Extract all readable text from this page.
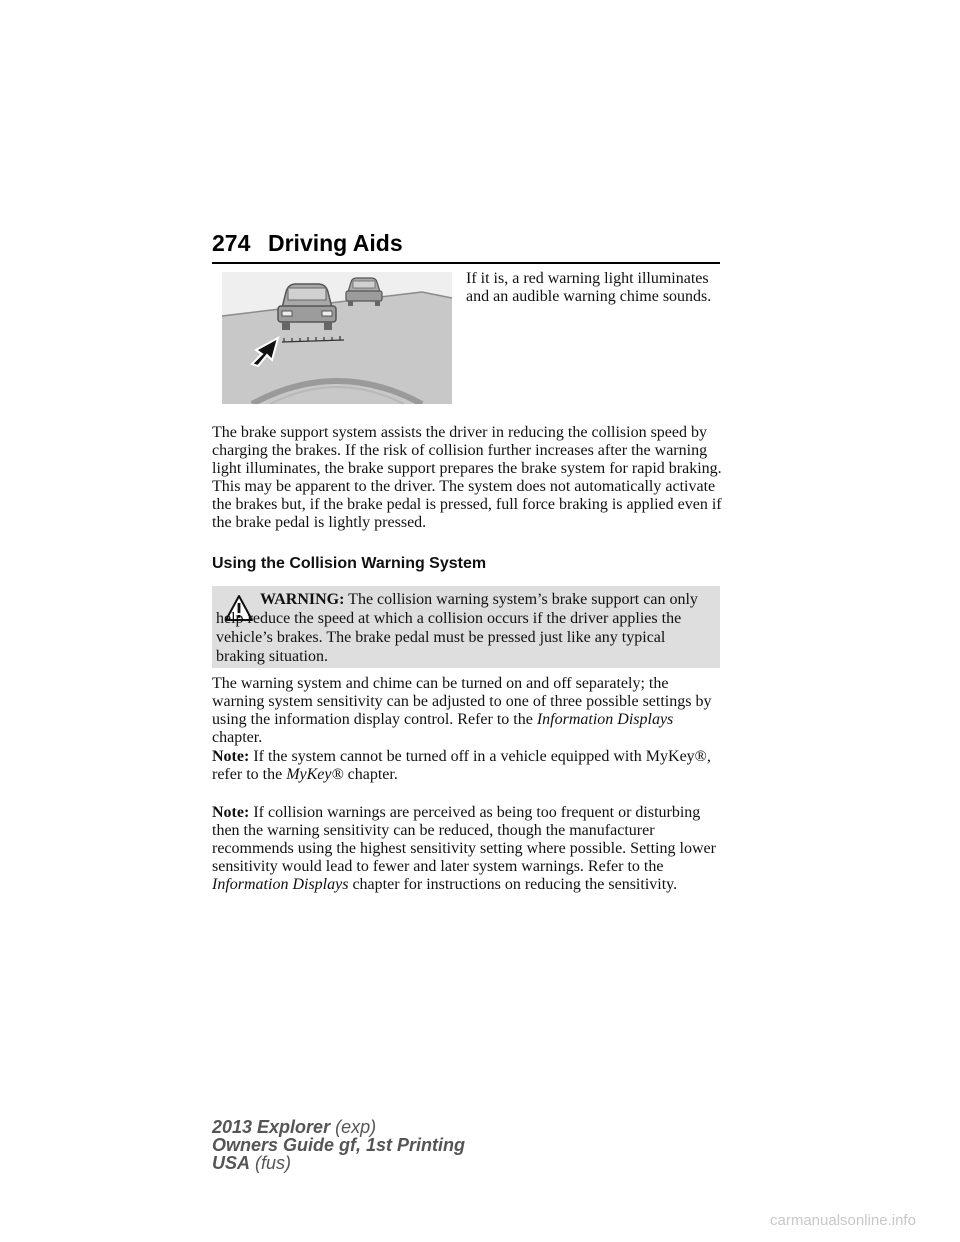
274 Driving Aids
If it is, a red warning light illuminates and an audible warning chime sounds.

The brake support system assists the driver in reducing the collision speed by charging the brakes. If the risk of collision further increases after the warning light illuminates, the brake support prepares the brake system for rapid braking. This may be apparent to the driver. The system does not automatically activate the brakes but, if the brake pedal is pressed, full force braking is applied even if the brake pedal is lightly pressed.

Using the Collision Warning System

WARNING: The collision warning system’s brake support can only help reduce the speed at which a collision occurs if the driver applies the vehicle’s brakes. The brake pedal must be pressed just like any typical braking situation.

The warning system and chime can be turned on and off separately; the warning system sensitivity can be adjusted to one of three possible settings by using the information display control. Refer to the Information Displays chapter.

Note: If the system cannot be turned off in a vehicle equipped with MyKey®, refer to the MyKey® chapter.

Note: If collision warnings are perceived as being too frequent or disturbing then the warning sensitivity can be reduced, though the manufacturer recommends using the highest sensitivity setting where possible. Setting lower sensitivity would lead to fewer and later system warnings. Refer to the Information Displays chapter for instructions on reducing the sensitivity.

2013 Explorer (exp)
Owners Guide gf, 1st Printing
USA (fus)
carmanualsonline.info
